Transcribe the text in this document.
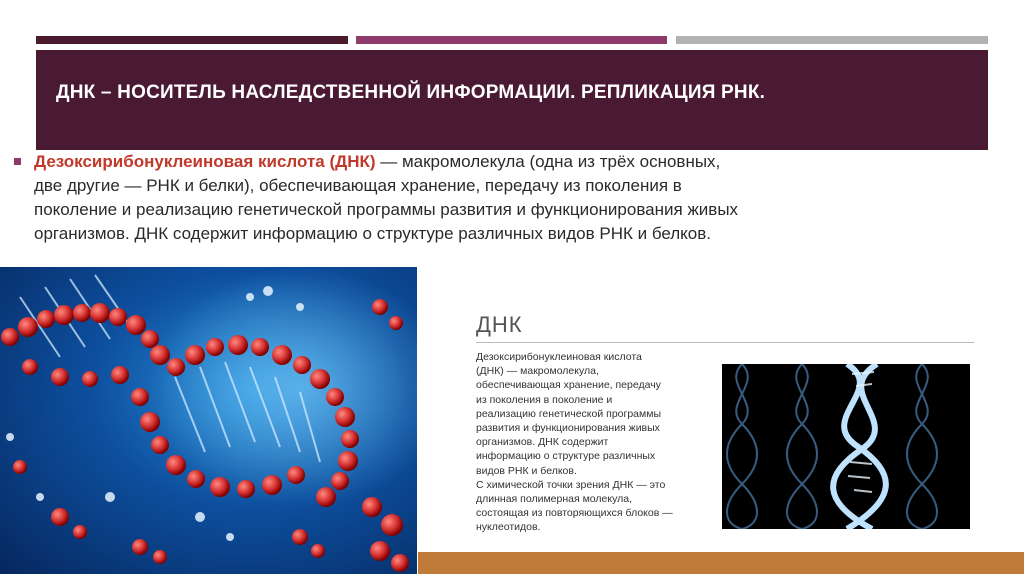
ДНК – НОСИТЕЛЬ НАСЛЕДСТВЕННОЙ ИНФОРМАЦИИ. РЕПЛИКАЦИЯ РНК.
Дезоксирибонуклеиновая кислота (ДНК) — макромолекула (одна из трёх основных,
две другие — РНК и белки), обеспечивающая хранение, передачу из поколения в
поколение и реализацию генетической программы развития и функционирования живых
организмов. ДНК содержит информацию о структуре различных видов РНК и белков.
ДНК
Дезоксирибонуклеиновая кислота
(ДНК) — макромолекула,
обеспечивающая хранение, передачу
из поколения в поколение и
реализацию генетической программы
развития и функционирования живых
организмов. ДНК содержит
информацию о структуре различных
видов РНК и белков.
С химической точки зрения ДНК — это
длинная полимерная молекула,
состоящая из повторяющихся блоков —
нуклеотидов.
